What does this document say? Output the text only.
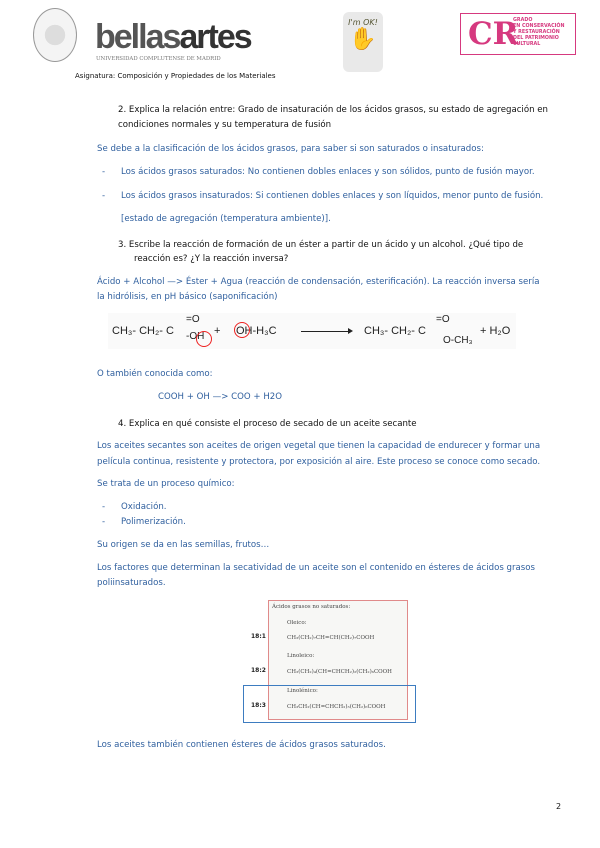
bellasartes
UNIVERSIDAD COMPLUTENSE DE MADRID
Asignatura: Composición y Propiedades de los Materiales
I'm OK!
✋	CR
GRADO
EN CONSERVACIÓN
Y RESTAURACIÓN
DEL PATRIMONIO
CULTURAL
2. Explica la relación entre: Grado de insaturación de los ácidos grasos, su estado de agregación en
condiciones normales y su temperatura de fusión
Se debe a la clasificación de los ácidos grasos, para saber si son saturados o insaturados:
- Los ácidos grasos saturados: No contienen dobles enlaces y son sólidos, punto de fusión mayor.
- Los ácidos grasos insaturados: Si contienen dobles enlaces y son líquidos, menor punto de fusión.
[estado de agregación (temperatura ambiente)].
3. Escribe la reacción de formación de un éster a partir de un ácido y un alcohol. ¿Qué tipo de
reacción es? ¿Y la reacción inversa?
Ácido + Alcohol —> Éster + Agua (reacción de condensación, esterificación). La reacción inversa sería
la hidrólisis, en pH básico (saponificación)
CH₃- CH₂- C
=O
-OH + OH-H₃C	CH₃- CH₂- C
=O
O-CH₃
+ H₂O
O también conocida como:
COOH + OH —> COO + H2O
4. Explica en qué consiste el proceso de secado de un aceite secante
Los aceites secantes son aceites de origen vegetal que tienen la capacidad de endurecer y formar una
película continua, resistente y protectora, por exposición al aire. Este proceso se conoce como secado.
Se trata de un proceso químico:
- Oxidación.
- Polimerización.
Su origen se da en las semillas, frutos…
Los factores que determinan la secatividad de un aceite son el contenido en ésteres de ácidos grasos
poliinsaturados.
Ácidos grasos no saturados:
Oleico:
CH₃(CH₂)₇CH=CH(CH₂)₇COOH
Linoleico:
CH₃(CH₂)₄(CH=CHCH₂)₂(CH₂)₆COOH
Linolénico:
CH₃CH₂(CH=CHCH₂)₃(CH₂)₆COOH
18:1
18:2
18:3
Los aceites también contienen ésteres de ácidos grasos saturados.
2
